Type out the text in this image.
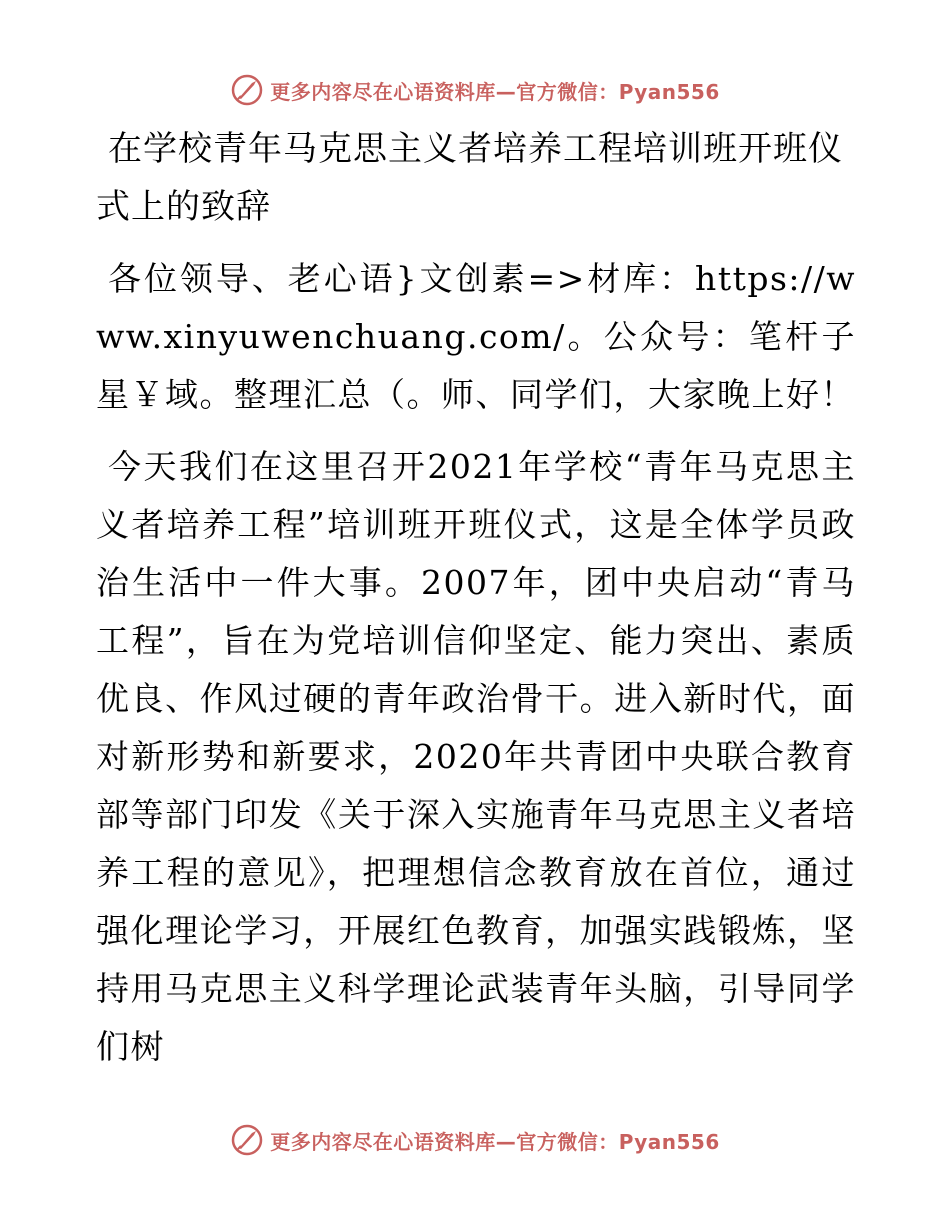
更多内容尽在心语资料库—官方微信：Pyan556
在学校青年马克思主义者培养工程培训班开班仪式上的致辞

各位领导、老心语}文创素=>材库：https://www.xinyuwenchuang.com/。公众号：笔杆子星￥域。整理汇总（。师、同学们，大家晚上好！

今天我们在这里召开2021年学校“青年马克思主义者培养工程”培训班开班仪式，这是全体学员政治生活中一件大事。2007年，团中央启动“青马工程”，旨在为党培训信仰坚定、能力突出、素质优良、作风过硬的青年政治骨干。进入新时代，面对新形势和新要求，2020年共青团中央联合教育部等部门印发《关于深入实施青年马克思主义者培养工程的意见》，把理想信念教育放在首位，通过强化理论学习，开展红色教育，加强实践锻炼，坚持用马克思主义科学理论武装青年头脑，引导同学们树

更多内容尽在心语资料库—官方微信：Pyan556
